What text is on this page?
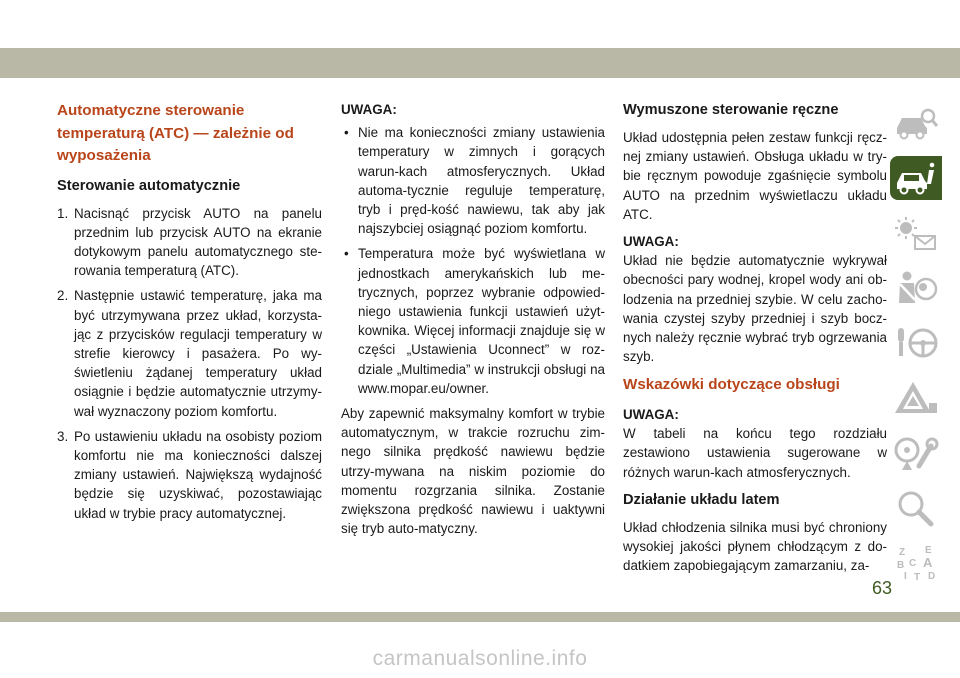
Automatyczne sterowanie temperaturą (ATC) — zależnie od wyposażenia
Sterowanie automatycznie
1. Nacisnąć przycisk AUTO na panelu przednim lub przycisk AUTO na ekranie dotykowym panelu automatycznego ste-rowania temperaturą (ATC).
2. Następnie ustawić temperaturę, jaka ma być utrzymywana przez układ, korzysta-jąc z przycisków regulacji temperatury w strefie kierowcy i pasażera. Po wy-świetleniu żądanej temperatury układ osiągnie i będzie automatycznie utrzymy-wał wyznaczony poziom komfortu.
3. Po ustawieniu układu na osobisty poziom komfortu nie ma konieczności dalszej zmiany ustawień. Największą wydajność będzie się uzyskiwać, pozostawiając układ w trybie pracy automatycznej.
UWAGA:
• Nie ma konieczności zmiany ustawienia temperatury w zimnych i gorących warun-kach atmosferycznych. Układ automa-tycznie reguluje temperaturę, tryb i pręd-kość nawiewu, tak aby jak najszybciej osiągnąć poziom komfortu.
• Temperatura może być wyświetlana w jednostkach amerykańskich lub me-trycznych, poprzez wybranie odpowied-niego ustawienia funkcji ustawień użyt-kownika. Więcej informacji znajduje się w części „Ustawienia Uconnect” w roz-dziale „Multimedia” w instrukcji obsługi na www.mopar.eu/owner.

Aby zapewnić maksymalny komfort w trybie automatycznym, w trakcie rozruchu zim-nego silnika prędkość nawiewu będzie utrzy-mywana na niskim poziomie do momentu rozgrzania silnika. Zostanie zwiększona prędkość nawiewu i uaktywni się tryb auto-matyczny.

Wymuszone sterowanie ręczne

Układ udostępnia pełen zestaw funkcji ręcz-nej zmiany ustawień. Obsługa układu w try-bie ręcznym powoduje zgaśnięcie symbolu AUTO na przednim wyświetlaczu układu ATC.

UWAGA:

Układ nie będzie automatycznie wykrywał obecności pary wodnej, kropel wody ani ob-lodzenia na przedniej szybie. W celu zacho-wania czystej szyby przedniej i szyb bocz-nych należy ręcznie wybrać tryb ogrzewania szyb.

Wskazówki dotyczące obsługi
UWAGA:

W tabeli na końcu tego rozdziału zestawiono ustawienia sugerowane w różnych warun-kach atmosferycznych.

Działanie układu latem

Układ chłodzenia silnika musi być chroniony wysokiej jakości płynem chłodzącym z do-datkiem zapobiegającym zamarzaniu, za-

Z E
B A
C
D
I T
63
carmanualsonline.info
